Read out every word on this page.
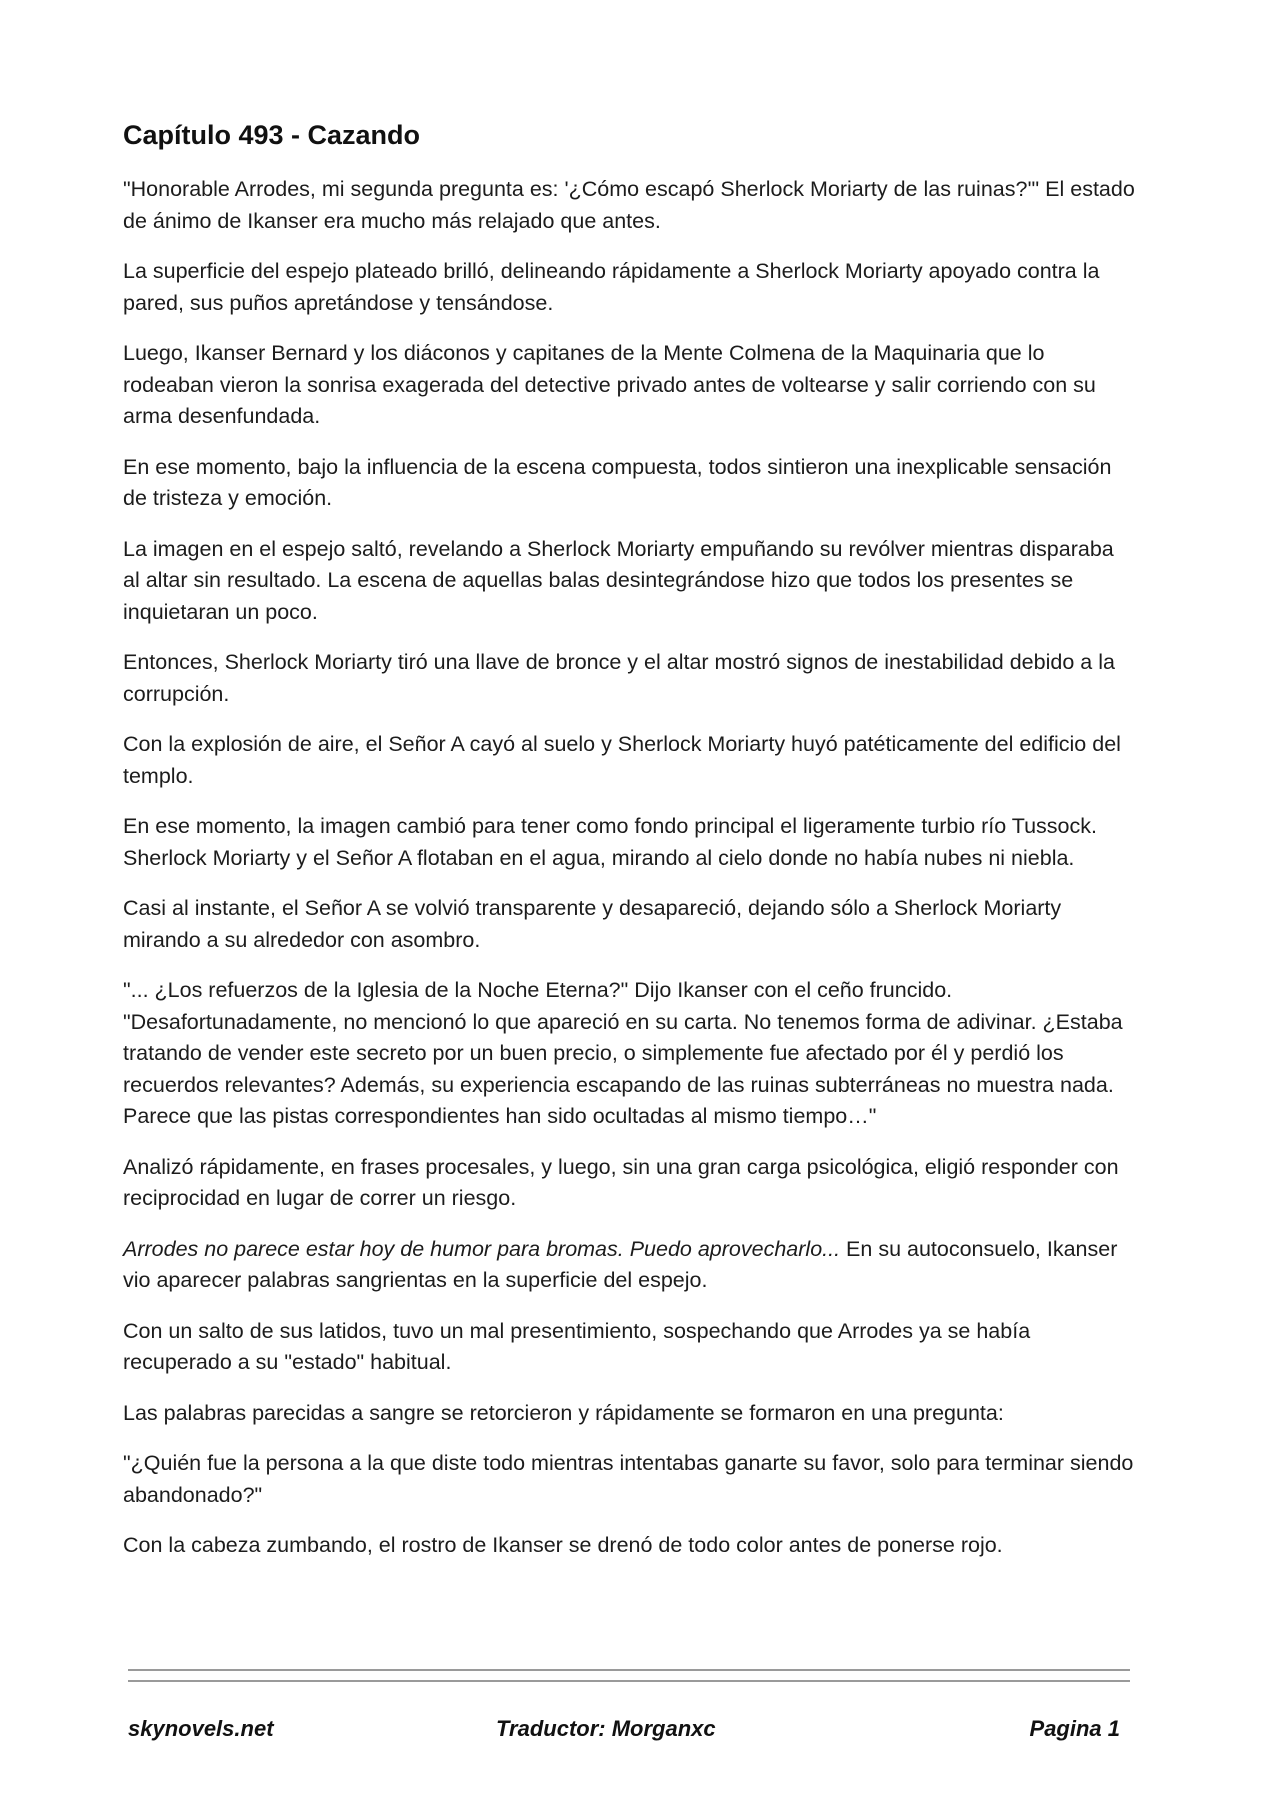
Capítulo 493 - Cazando

"Honorable Arrodes, mi segunda pregunta es: '¿Cómo escapó Sherlock Moriarty de las ruinas?'" El estado de ánimo de Ikanser era mucho más relajado que antes.

La superficie del espejo plateado brilló, delineando rápidamente a Sherlock Moriarty apoyado contra la pared, sus puños apretándose y tensándose.

Luego, Ikanser Bernard y los diáconos y capitanes de la Mente Colmena de la Maquinaria que lo rodeaban vieron la sonrisa exagerada del detective privado antes de voltearse y salir corriendo con su arma desenfundada.

En ese momento, bajo la influencia de la escena compuesta, todos sintieron una inexplicable sensación de tristeza y emoción.

La imagen en el espejo saltó, revelando a Sherlock Moriarty empuñando su revólver mientras disparaba al altar sin resultado. La escena de aquellas balas desintegrándose hizo que todos los presentes se inquietaran un poco.

Entonces, Sherlock Moriarty tiró una llave de bronce y el altar mostró signos de inestabilidad debido a la corrupción.

Con la explosión de aire, el Señor A cayó al suelo y Sherlock Moriarty huyó patéticamente del edificio del templo.

En ese momento, la imagen cambió para tener como fondo principal el ligeramente turbio río Tussock. Sherlock Moriarty y el Señor A flotaban en el agua, mirando al cielo donde no había nubes ni niebla.

Casi al instante, el Señor A se volvió transparente y desapareció, dejando sólo a Sherlock Moriarty mirando a su alrededor con asombro.

"... ¿Los refuerzos de la Iglesia de la Noche Eterna?" Dijo Ikanser con el ceño fruncido. "Desafortunadamente, no mencionó lo que apareció en su carta. No tenemos forma de adivinar. ¿Estaba tratando de vender este secreto por un buen precio, o simplemente fue afectado por él y perdió los recuerdos relevantes? Además, su experiencia escapando de las ruinas subterráneas no muestra nada. Parece que las pistas correspondientes han sido ocultadas al mismo tiempo…"

Analizó rápidamente, en frases procesales, y luego, sin una gran carga psicológica, eligió responder con reciprocidad en lugar de correr un riesgo.

Arrodes no parece estar hoy de humor para bromas. Puedo aprovecharlo... En su autoconsuelo, Ikanser vio aparecer palabras sangrientas en la superficie del espejo.

Con un salto de sus latidos, tuvo un mal presentimiento, sospechando que Arrodes ya se había recuperado a su "estado" habitual.

Las palabras parecidas a sangre se retorcieron y rápidamente se formaron en una pregunta:

"¿Quién fue la persona a la que diste todo mientras intentabas ganarte su favor, solo para terminar siendo abandonado?"

Con la cabeza zumbando, el rostro de Ikanser se drenó de todo color antes de ponerse rojo.

skynovels.net	Traductor: Morganxc	Pagina 1
